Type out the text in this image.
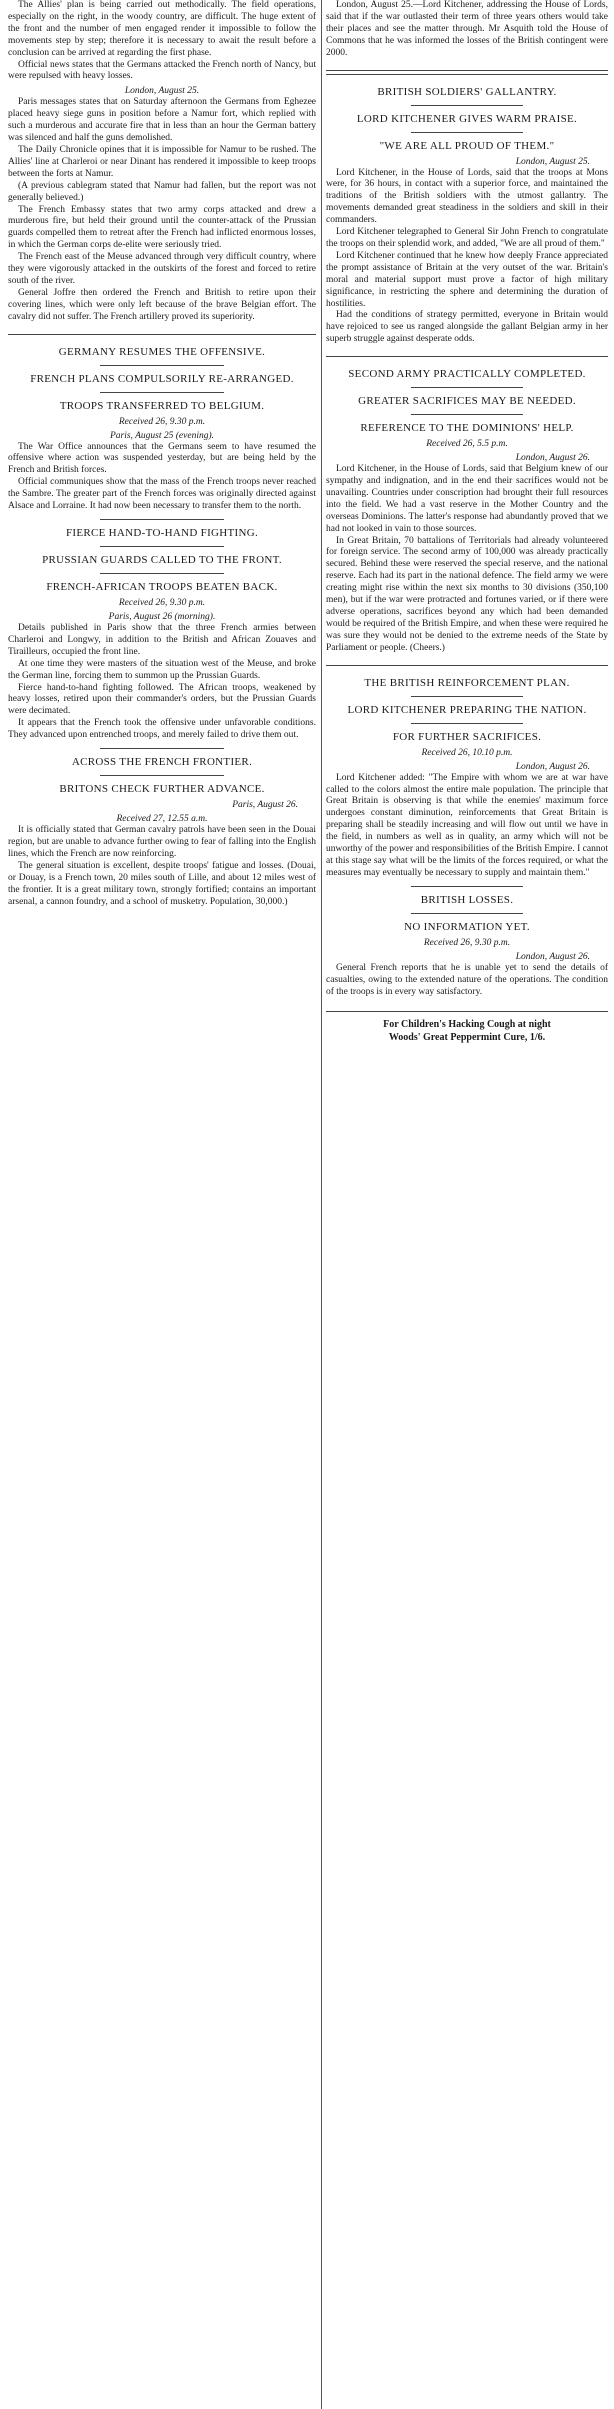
The Allies' plan is being carried out methodically. The field operations, especially on the right, in the woody country, are difficult. The huge extent of the front and the number of men engaged render it impossible to follow the movements step by step; therefore it is necessary to await the result before a conclusion can be arrived at regarding the first phase.

Official news states that the Germans attacked the French north of Nancy, but were repulsed with heavy losses.

London, August 25.

Paris messages states that on Saturday afternoon the Germans from Eghezee placed heavy siege guns in position before a Namur fort, which replied with such a murderous and accurate fire that in less than an hour the German battery was silenced and half the guns demolished.

The Daily Chronicle opines that it is impossible for Namur to be rushed. The Allies' line at Charleroi or near Dinant has rendered it impossible to keep troops between the forts at Namur.

(A previous cablegram stated that Namur had fallen, but the report was not generally believed.)

The French Embassy states that two army corps attacked and drew a murderous fire, but held their ground until the counter-attack of the Prussian guards compelled them to retreat after the French had inflicted enormous losses, in which the German corps de-elite were seriously tried.

The French east of the Meuse advanced through very difficult country, where they were vigorously attacked in the outskirts of the forest and forced to retire south of the river.

General Joffre then ordered the French and British to retire upon their covering lines, which were only left because of the brave Belgian effort. The cavalry did not suffer. The French artillery proved its superiority.

GERMANY RESUMES THE OFFENSIVE.
FRENCH PLANS COMPULSORILY RE-ARRANGED.
TROOPS TRANSFERRED TO BELGIUM.

Received 26, 9.30 p.m.

Paris, August 25 (evening).

The War Office announces that the Germans seem to have resumed the offensive where action was suspended yesterday, but are being held by the French and British forces.

Official communiques show that the mass of the French troops never reached the Sambre. The greater part of the French forces was originally directed against Alsace and Lorraine. It had now been necessary to transfer them to the north.

FIERCE HAND-TO-HAND FIGHTING.
PRUSSIAN GUARDS CALLED TO THE FRONT.
FRENCH-AFRICAN TROOPS BEATEN BACK.

Received 26, 9.30 p.m.

Paris, August 26 (morning).

Details published in Paris show that the three French armies between Charleroi and Longwy, in addition to the British and African Zouaves and Tirailleurs, occupied the front line.

At one time they were masters of the situation west of the Meuse, and broke the German line, forcing them to summon up the Prussian Guards.

Fierce hand-to-hand fighting followed. The African troops, weakened by heavy losses, retired upon their commander's orders, but the Prussian Guards were decimated.

It appears that the French took the offensive under unfavorable conditions. They advanced upon entrenched troops, and merely failed to drive them out.

ACROSS THE FRENCH FRONTIER.
BRITONS CHECK FURTHER ADVANCE.

Paris, August 26.

Received 27, 12.55 a.m.

It is officially stated that German cavalry patrols have been seen in the Douai region, but are unable to advance further owing to fear of falling into the English lines, which the French are now reinforcing.

The general situation is excellent, despite troops' fatigue and losses. (Douai, or Douay, is a French town, 20 miles south of Lille, and about 12 miles west of the frontier. It is a great military town, strongly fortified; contains an important arsenal, a cannon foundry, and a school of musketry. Population, 30,000.)

London, August 25.—Lord Kitchener, addressing the House of Lords, said that if the war outlasted their term of three years others would take their places and see the matter through. Mr Asquith told the House of Commons that he was informed the losses of the British contingent were 2000.

BRITISH SOLDIERS' GALLANTRY.
LORD KITCHENER GIVES WARM PRAISE.
"WE ARE ALL PROUD OF THEM."

London, August 25.

Lord Kitchener, in the House of Lords, said that the troops at Mons were, for 36 hours, in contact with a superior force, and maintained the traditions of the British soldiers with the utmost gallantry. The movements demanded great steadiness in the soldiers and skill in their commanders.

Lord Kitchener telegraphed to General Sir John French to congratulate the troops on their splendid work, and added, "We are all proud of them."

Lord Kitchener continued that he knew how deeply France appreciated the prompt assistance of Britain at the very outset of the war. Britain's moral and material support must prove a factor of high military significance, in restricting the sphere and determining the duration of hostilities.

Had the conditions of strategy permitted, everyone in Britain would have rejoiced to see us ranged alongside the gallant Belgian army in her superb struggle against desperate odds.

SECOND ARMY PRACTICALLY COMPLETED.
GREATER SACRIFICES MAY BE NEEDED.
REFERENCE TO THE DOMINIONS' HELP.

Received 26, 5.5 p.m.

London, August 26.

Lord Kitchener, in the House of Lords, said that Belgium knew of our sympathy and indignation, and in the end their sacrifices would not be unavailing. Countries under conscription had brought their full resources into the field. We had a vast reserve in the Mother Country and the overseas Dominions. The latter's response had abundantly proved that we had not looked in vain to those sources.

In Great Britain, 70 battalions of Territorials had already volunteered for foreign service. The second army of 100,000 was already practically secured. Behind these were reserved the special reserve, and the national reserve. Each had its part in the national defence. The field army we were creating might rise within the next six months to 30 divisions (350,100 men), but if the war were protracted and fortunes varied, or if there were adverse operations, sacrifices beyond any which had been demanded would be required of the British Empire, and when these were required he was sure they would not be denied to the extreme needs of the State by Parliament or people. (Cheers.)

THE BRITISH REINFORCEMENT PLAN.
LORD KITCHENER PREPARING THE NATION.
FOR FURTHER SACRIFICES.

Received 26, 10.10 p.m.

London, August 26.

Lord Kitchener added: "The Empire with whom we are at war have called to the colors almost the entire male population. The principle that Great Britain is observing is that while the enemies' maximum force undergoes constant diminution, reinforcements that Great Britain is preparing shall be steadily increasing and will flow out until we have in the field, in numbers as well as in quality, an army which will not be unworthy of the power and responsibilities of the British Empire. I cannot at this stage say what will be the limits of the forces required, or what the measures may eventually be necessary to supply and maintain them."

BRITISH LOSSES.
NO INFORMATION YET.

Received 26, 9.30 p.m.

London, August 26.

General French reports that he is unable yet to send the details of casualties, owing to the extended nature of the operations. The condition of the troops is in every way satisfactory.

For Children's Hacking Cough at night
Woods' Great Peppermint Cure, 1/6.
